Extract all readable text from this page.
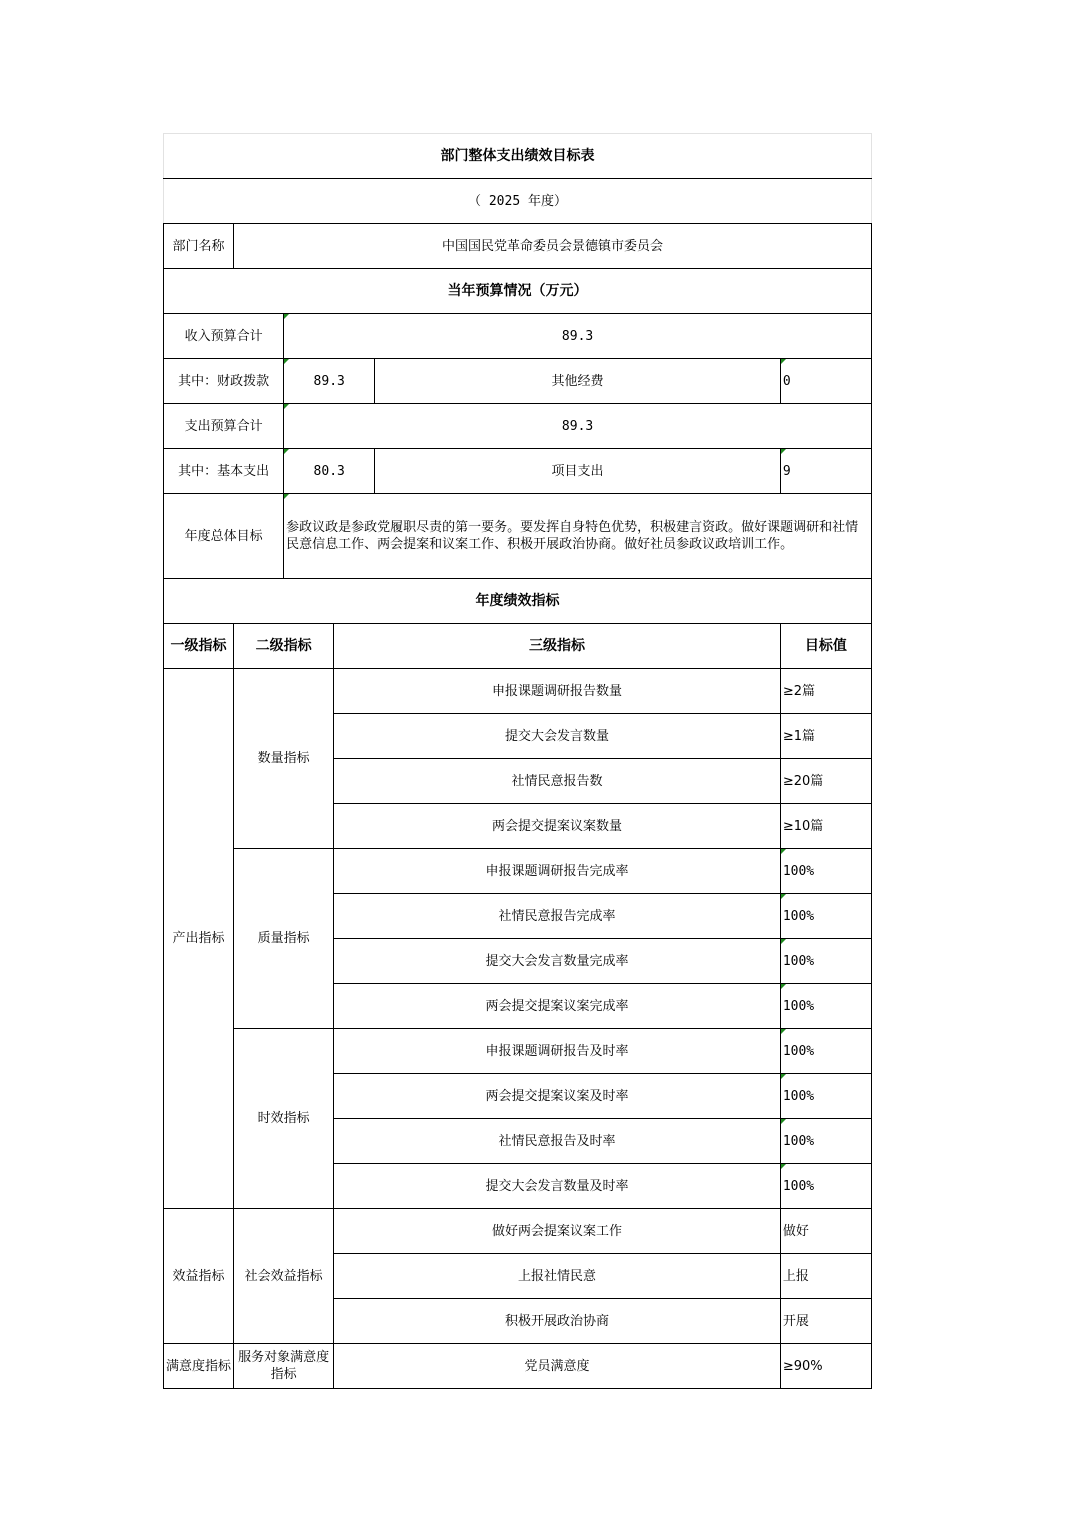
部门整体支出绩效目标表					
（ 2025 年度）					
部门名称	中国国民党革命委员会景德镇市委员会				
当年预算情况（万元）					
收入预算合计		89.3			
其中：财政拨款		89.3		其他经费	0
支出预算合计		89.3			
其中：基本支出		80.3		项目支出	9
年度总体目标		参政议政是参政党履职尽责的第一要务。要发挥自身特色优势，积极建言资政。做好课题调研和社情民意信息工作、两会提案和议案工作、积极开展政治协商。做好社员参政议政培训工作。			
年度绩效指标					
一级指标	二级指标		三级指标		目标值
产出指标	数量指标		申报课题调研报告数量		≥2篇
			提交大会发言数量		≥1篇
			社情民意报告数		≥20篇
			两会提交提案议案数量		≥10篇
	质量指标		申报课题调研报告完成率		100%
			社情民意报告完成率		100%
			提交大会发言数量完成率		100%
			两会提交提案议案完成率		100%
	时效指标		申报课题调研报告及时率		100%
			两会提交提案议案及时率		100%
			社情民意报告及时率		100%
			提交大会发言数量及时率		100%
效益指标	社会效益指标		做好两会提案议案工作		做好
			上报社情民意		上报
			积极开展政治协商		开展
满意度指标	服务对象满意度指标		党员满意度		≥90%
